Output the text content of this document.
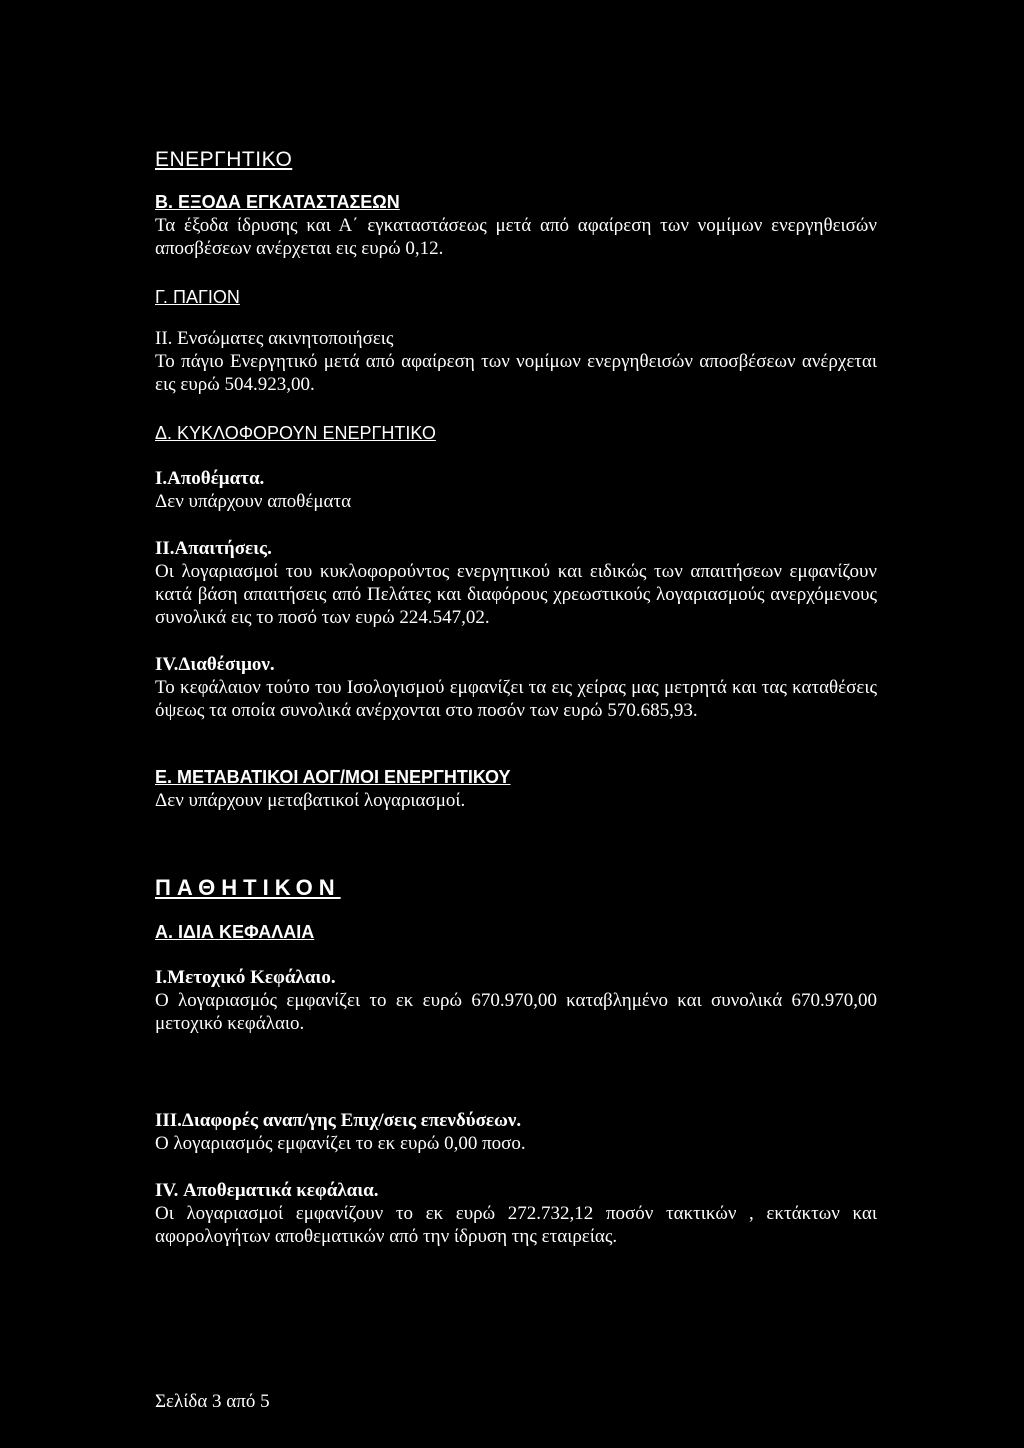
ΕΝΕΡΓΗΤΙΚΟ
Β. ΕΞΟΔΑ ΕΓΚΑΤΑΣΤΑΣΕΩΝ
Τα έξοδα ίδρυσης και Α΄ εγκαταστάσεως μετά από αφαίρεση των νομίμων ενεργηθεισών αποσβέσεων ανέρχεται εις ευρώ 0,12.
Γ. ΠΑΓΙΟΝ
ΙΙ. Ενσώματες ακινητοποιήσεις
Το πάγιο Ενεργητικό μετά από αφαίρεση των νομίμων ενεργηθεισών αποσβέσεων ανέρχεται εις ευρώ 504.923,00.
Δ. ΚΥΚΛΟΦΟΡΟΥΝ ΕΝΕΡΓΗΤΙΚΟ
Ι.Αποθέματα.
Δεν υπάρχουν αποθέματα
ΙΙ.Απαιτήσεις.
Οι λογαριασμοί του κυκλοφορούντος ενεργητικού και ειδικώς των απαιτήσεων εμφανίζουν κατά βάση απαιτήσεις από Πελάτες και διαφόρους χρεωστικούς λογαριασμούς ανερχόμενους συνολικά εις το ποσό των ευρώ 224.547,02.
IV.Διαθέσιμον.
Το κεφάλαιον τούτο του Ισολογισμού εμφανίζει τα εις χείρας μας μετρητά και τας καταθέσεις όψεως τα οποία συνολικά ανέρχονται στο ποσόν των ευρώ 570.685,93.
Ε. ΜΕΤΑΒΑΤΙΚΟΙ ΑΟΓ/ΜΟΙ ΕΝΕΡΓΗΤΙΚΟΥ
Δεν υπάρχουν μεταβατικοί λογαριασμοί.
ΠΑΘΗΤΙΚΟΝ
Α. ΙΔΙΑ ΚΕΦΑΛΑΙΑ
Ι.Μετοχικό Κεφάλαιο.
Ο λογαριασμός εμφανίζει το εκ ευρώ 670.970,00 καταβλημένο και συνολικά 670.970,00 μετοχικό κεφάλαιο.
ΙΙΙ.Διαφορές αναπ/γης Επιχ/σεις επενδύσεων.
Ο λογαριασμός εμφανίζει το εκ ευρώ 0,00 ποσο.
IV. Αποθεματικά κεφάλαια.
Οι λογαριασμοί εμφανίζουν το εκ ευρώ 272.732,12 ποσόν τακτικών , εκτάκτων και αφορολογήτων αποθεματικών από την ίδρυση της εταιρείας.
Σελίδα 3 από 5
